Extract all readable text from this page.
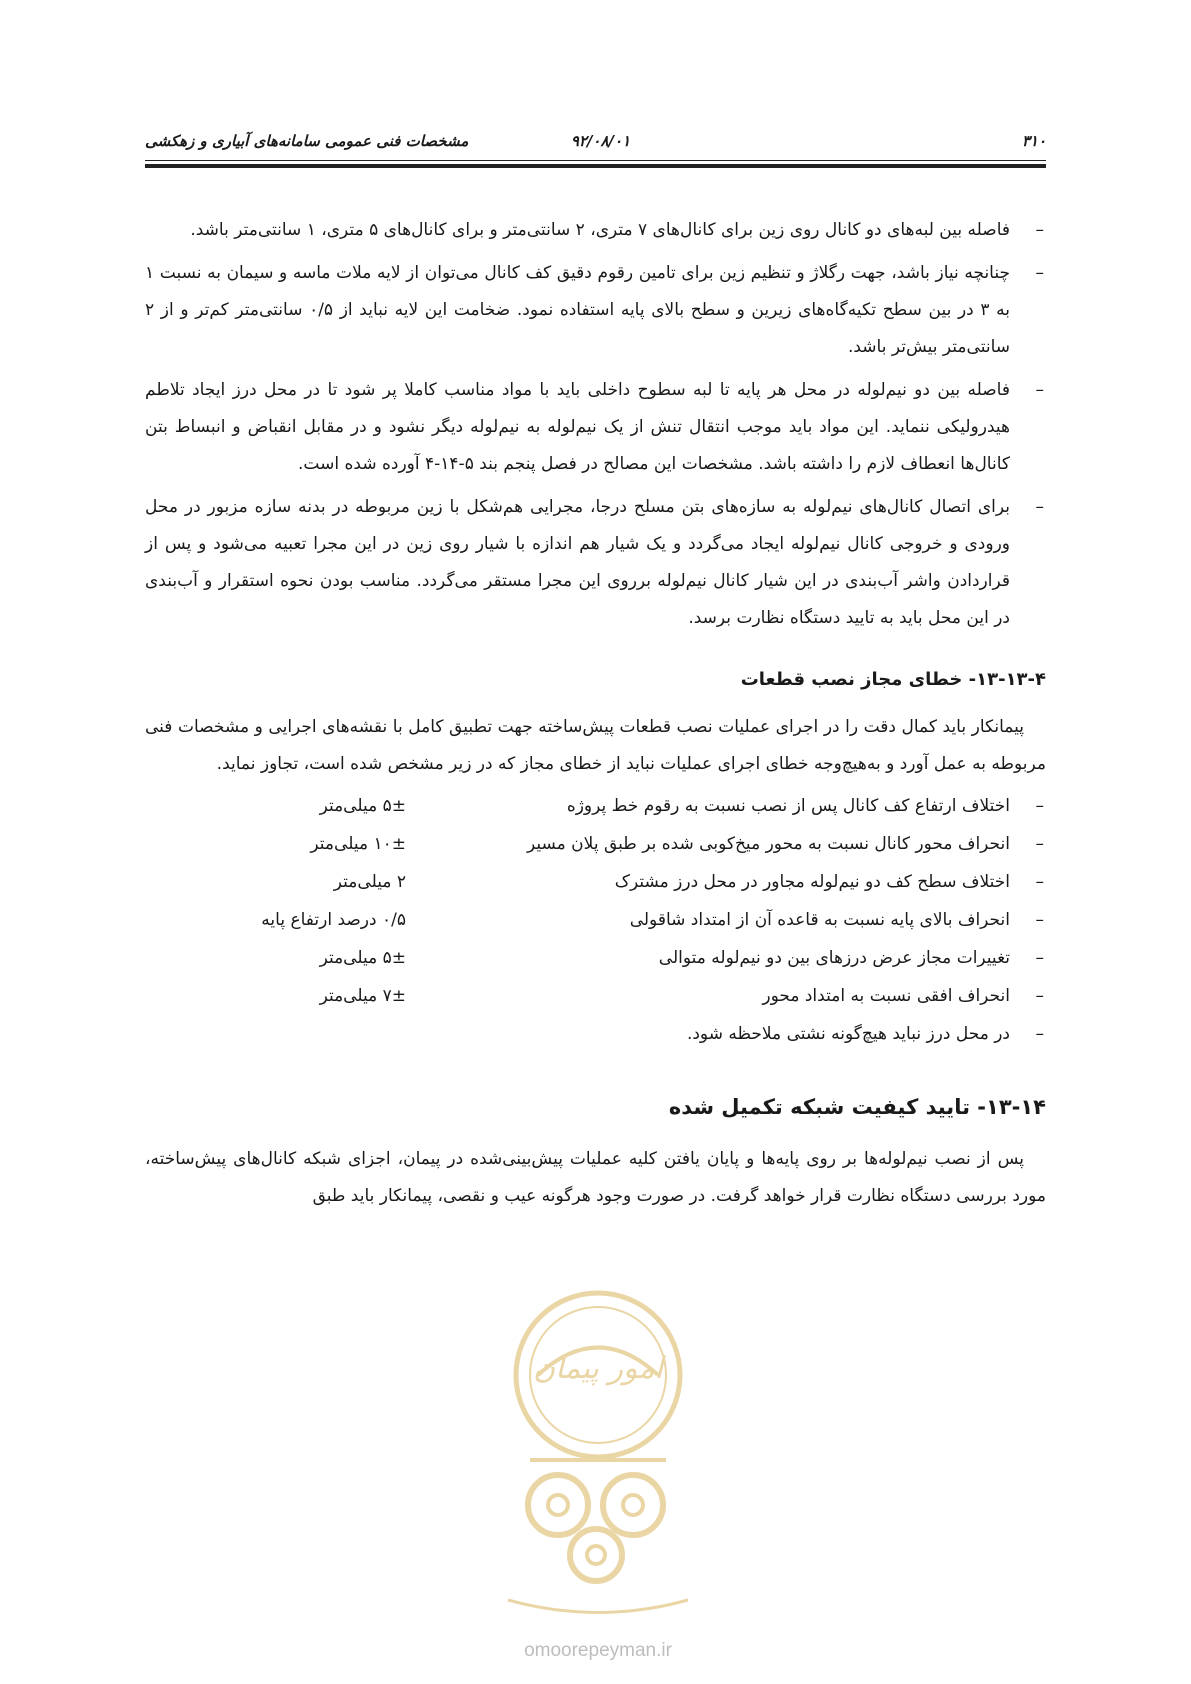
۳۱۰
۹۲/۰۸/۰۱
مشخصات فنی عمومی سامانه‌های آبیاری و زهکشی
–
فاصله بین لبه‌های دو کانال روی زین برای کانال‌های ۷ متری، ۲ سانتی‌متر و برای کانال‌های ۵ متری، ۱ سانتی‌متر باشد.
–
چنانچه نیاز باشد، جهت رگلاژ و تنظیم زین برای تامین رقوم دقیق کف کانال می‌توان از لایه ملات ماسه و سیمان به نسبت ۱ به ۳ در بین سطح تکیه‌گاه‌های زیرین و سطح بالای پایه استفاده نمود. ضخامت این لایه نباید از ۰/۵ سانتی‌متر کم‌تر و از ۲ سانتی‌متر بیش‌تر باشد.
–
فاصله بین دو نیم‌لوله در محل هر پایه تا لبه سطوح داخلی باید با مواد مناسب کاملا پر شود تا در محل درز ایجاد تلاطم هیدرولیکی ننماید. این مواد باید موجب انتقال تنش از یک نیم‌لوله به نیم‌لوله دیگر نشود و در مقابل انقباض و انبساط بتن کانال‌ها انعطاف لازم را داشته باشد. مشخصات این مصالح در فصل پنجم بند ۵-۱۴-۴ آورده شده است.
–
برای اتصال کانال‌های نیم‌لوله به سازه‌های بتن مسلح درجا، مجرایی هم‌شکل با زین مربوطه در بدنه سازه مزبور در محل ورودی و خروجی کانال نیم‌لوله ایجاد می‌گردد و یک شیار هم اندازه با شیار روی زین در این مجرا تعبیه می‌شود و پس از قراردادن واشر آب‌بندی در این شیار کانال نیم‌لوله برروی این مجرا مستقر می‌گردد. مناسب بودن نحوه استقرار و آب‌بندی در این محل باید به تایید دستگاه نظارت برسد.
۱۳-۱۳-۴- خطای مجاز نصب قطعات
پیمانکار باید کمال دقت را در اجرای عملیات نصب قطعات پیش‌ساخته جهت تطبیق کامل با نقشه‌های اجرایی و مشخصات فنی مربوطه به عمل آورد و به‌هیچ‌وجه خطای اجرای عملیات نباید از خطای مجاز که در زیر مشخص شده است، تجاوز نماید.
–
اختلاف ارتفاع کف کانال پس از نصب نسبت به رقوم خط پروژه
۵± میلی‌متر
–
انحراف محور کانال نسبت به محور میخ‌کوبی شده بر طبق پلان مسیر
۱۰± میلی‌متر
–
اختلاف سطح کف دو نیم‌لوله مجاور در محل درز مشترک
۲ میلی‌متر
–
انحراف بالای پایه نسبت به قاعده آن از امتداد شاقولی
۰/۵ درصد ارتفاع پایه
–
تغییرات مجاز عرض درزهای بین دو نیم‌لوله متوالی
۵± میلی‌متر
–
انحراف افقی نسبت به امتداد محور
۷± میلی‌متر
–
در محل درز نباید هیچ‌گونه نشتی ملاحظه شود.
۱۳-۱۴- تایید کیفیت شبکه تکمیل شده
پس از نصب نیم‌لوله‌ها بر روی پایه‌ها و پایان یافتن کلیه عملیات پیش‌بینی‌شده در پیمان، اجزای شبکه کانال‌های پیش‌ساخته، مورد بررسی دستگاه نظارت قرار خواهد گرفت. در صورت وجود هرگونه عیب و نقصی، پیمانکار باید طبق
امور پیمان
omoorepeyman.ir
